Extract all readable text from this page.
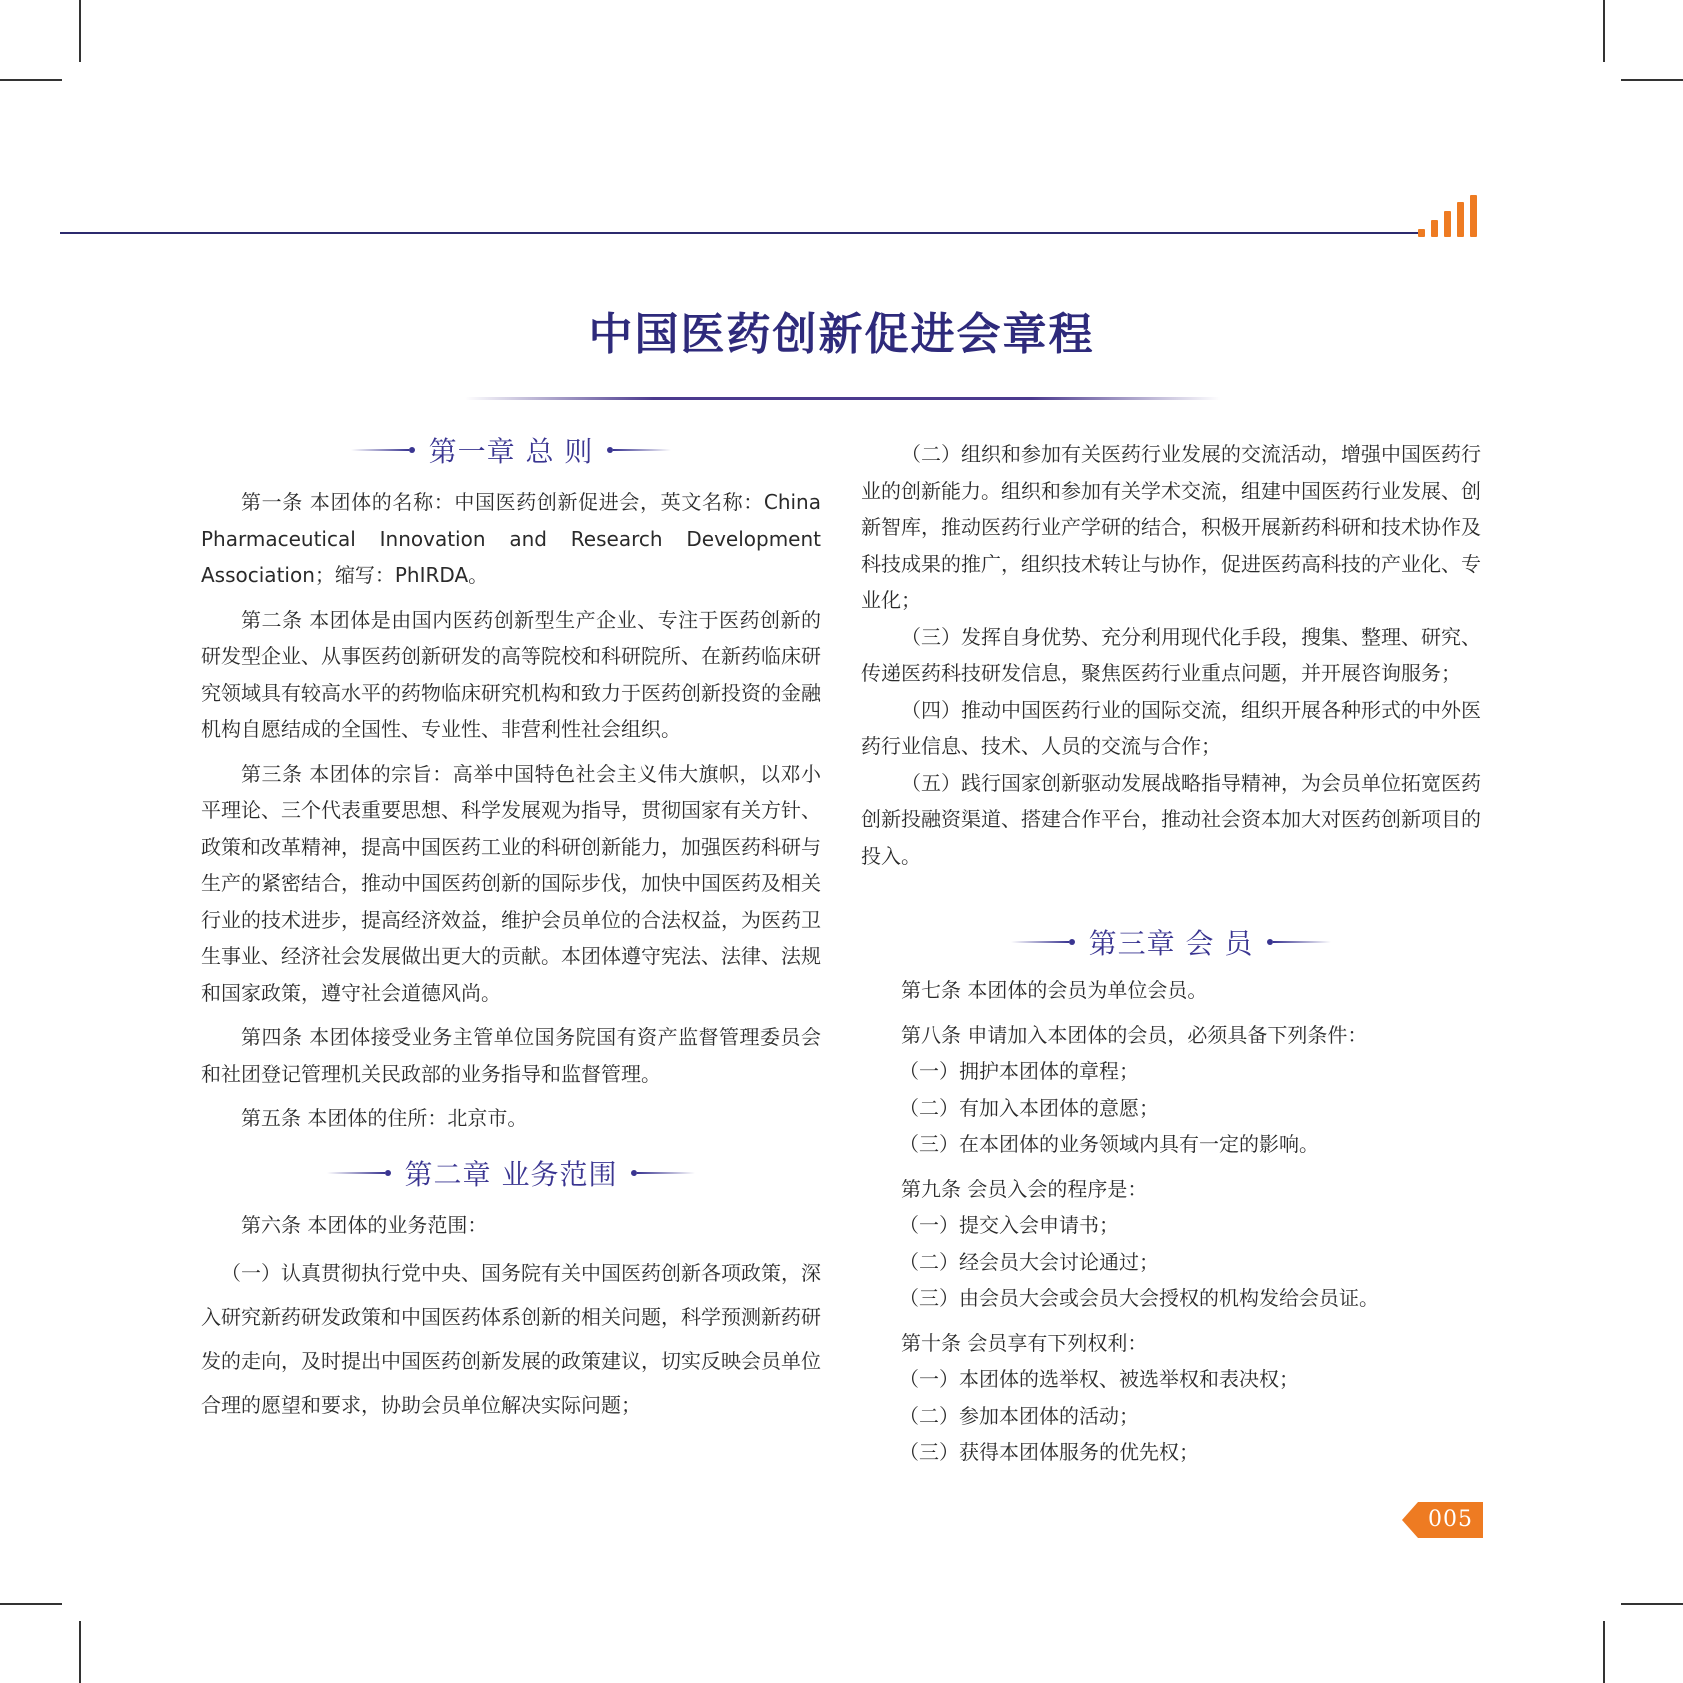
中国医药创新促进会章程
第一章 总 则

第一条 本团体的名称：中国医药创新促进会，英文名称：China Pharmaceutical Innovation and Research Development Association；缩写：PhIRDA。

第二条 本团体是由国内医药创新型生产企业、专注于医药创新的研发型企业、从事医药创新研发的高等院校和科研院所、在新药临床研究领域具有较高水平的药物临床研究机构和致力于医药创新投资的金融机构自愿结成的全国性、专业性、非营利性社会组织。

第三条 本团体的宗旨：高举中国特色社会主义伟大旗帜，以邓小平理论、三个代表重要思想、科学发展观为指导，贯彻国家有关方针、政策和改革精神，提高中国医药工业的科研创新能力，加强医药科研与生产的紧密结合，推动中国医药创新的国际步伐，加快中国医药及相关行业的技术进步，提高经济效益，维护会员单位的合法权益，为医药卫生事业、经济社会发展做出更大的贡献。本团体遵守宪法、法律、法规和国家政策，遵守社会道德风尚。

第四条 本团体接受业务主管单位国务院国有资产监督管理委员会和社团登记管理机关民政部的业务指导和监督管理。

第五条 本团体的住所：北京市。

第二章 业务范围

第六条 本团体的业务范围：

（一）认真贯彻执行党中央、国务院有关中国医药创新各项政策，深入研究新药研发政策和中国医药体系创新的相关问题，科学预测新药研发的走向，及时提出中国医药创新发展的政策建议，切实反映会员单位合理的愿望和要求，协助会员单位解决实际问题；

（二）组织和参加有关医药行业发展的交流活动，增强中国医药行业的创新能力。组织和参加有关学术交流，组建中国医药行业发展、创新智库，推动医药行业产学研的结合，积极开展新药科研和技术协作及科技成果的推广，组织技术转让与协作，促进医药高科技的产业化、专业化；

（三）发挥自身优势、充分利用现代化手段，搜集、整理、研究、传递医药科技研发信息，聚焦医药行业重点问题，并开展咨询服务；

（四）推动中国医药行业的国际交流，组织开展各种形式的中外医药行业信息、技术、人员的交流与合作；

（五）践行国家创新驱动发展战略指导精神，为会员单位拓宽医药创新投融资渠道、搭建合作平台，推动社会资本加大对医药创新项目的投入。

第三章 会 员

第七条 本团体的会员为单位会员。

第八条 申请加入本团体的会员，必须具备下列条件：

（一）拥护本团体的章程；

（二）有加入本团体的意愿；

（三）在本团体的业务领域内具有一定的影响。

第九条 会员入会的程序是：

（一）提交入会申请书；

（二）经会员大会讨论通过；

（三）由会员大会或会员大会授权的机构发给会员证。

第十条 会员享有下列权利：

（一）本团体的选举权、被选举权和表决权；

（二）参加本团体的活动；

（三）获得本团体服务的优先权；

005
